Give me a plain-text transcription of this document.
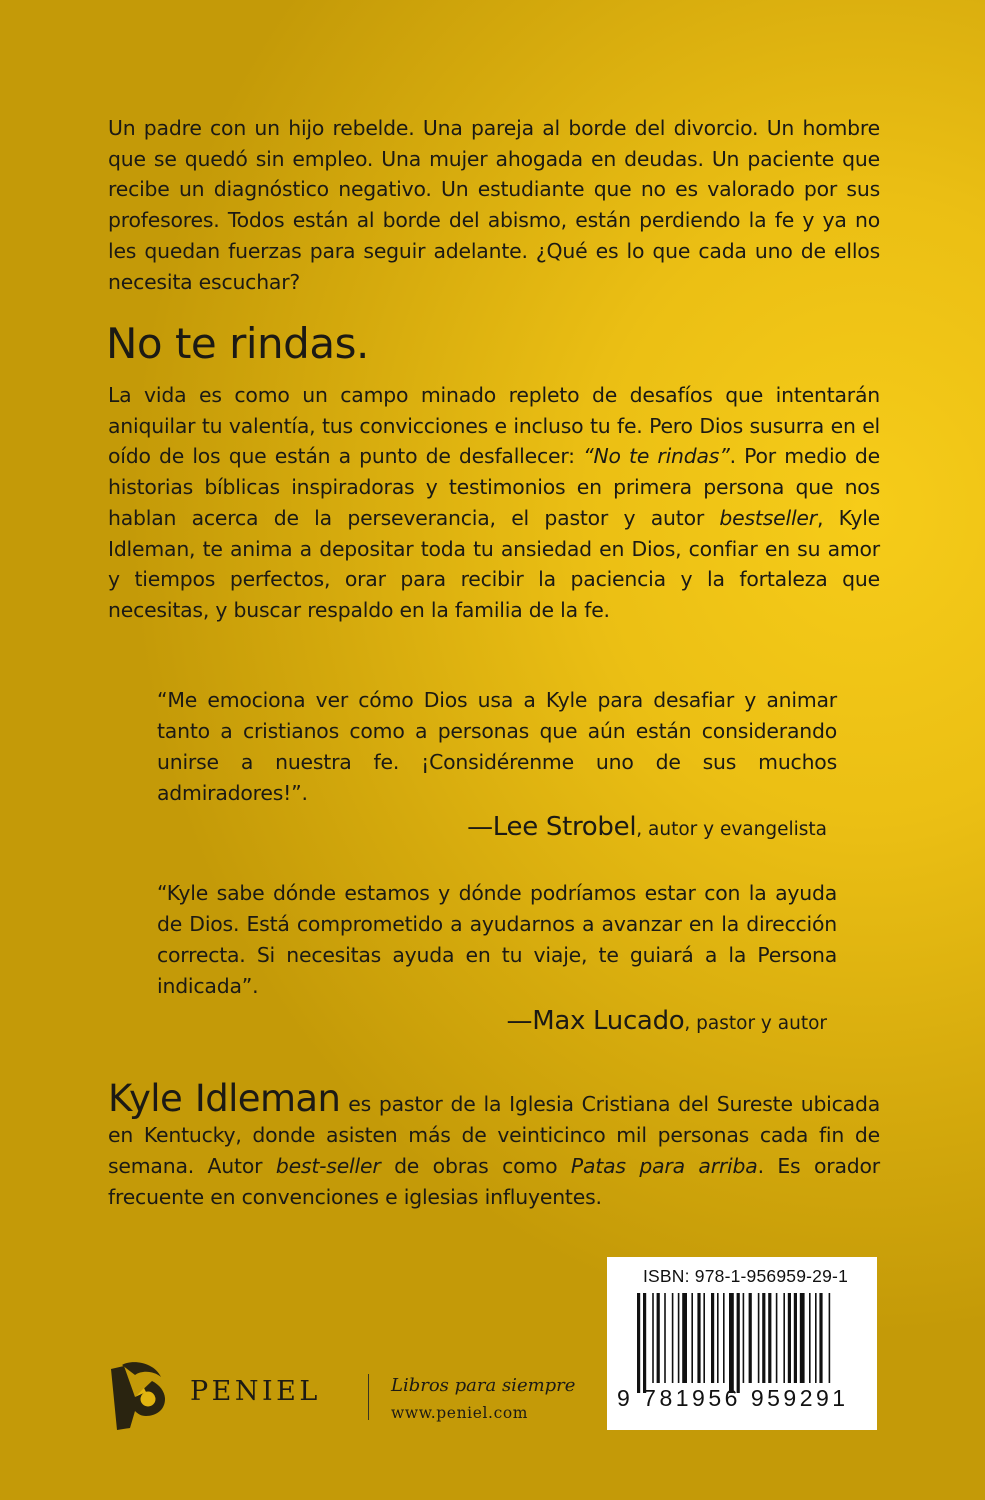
Un padre con un hijo rebelde. Una pareja al borde del divorcio. Un hombre que se quedó sin empleo. Una mujer ahogada en deudas. Un paciente que recibe un diagnóstico negativo. Un estudiante que no es valorado por sus profesores. Todos están al borde del abismo, están perdiendo la fe y ya no les quedan fuerzas para seguir adelante. ¿Qué es lo que cada uno de ellos necesita escuchar?

No te rindas.

La vida es como un campo minado repleto de desafíos que intentarán aniquilar tu valentía, tus convicciones e incluso tu fe. Pero Dios susurra en el oído de los que están a punto de desfallecer: “No te rindas”. Por medio de historias bíblicas inspiradoras y testimonios en primera persona que nos hablan acerca de la perseverancia, el pastor y autor bestseller, Kyle Idleman, te anima a depositar toda tu ansiedad en Dios, confiar en su amor y tiempos perfectos, orar para recibir la paciencia y la fortaleza que necesitas, y buscar respaldo en la familia de la fe.

“Me emociona ver cómo Dios usa a Kyle para desafiar y animar tanto a cristianos como a personas que aún están considerando unirse a nuestra fe. ¡Considérenme uno de sus muchos admiradores!”.

—Lee Strobel, autor y evangelista

“Kyle sabe dónde estamos y dónde podríamos estar con la ayuda de Dios. Está comprometido a ayudarnos a avanzar en la dirección correcta. Si necesitas ayuda en tu viaje, te guiará a la Persona indicada”.

—Max Lucado, pastor y autor

Kyle Idleman es pastor de la Iglesia Cristiana del Sureste ubicada en Kentucky, donde asisten más de veinticinco mil personas cada fin de semana. Autor best-seller de obras como Patas para arriba. Es orador frecuente en convenciones e iglesias influyentes.

PENIEL	Libros para siempre
www.peniel.com
ISBN: 978-1-956959-29-1
9 781956 959291
